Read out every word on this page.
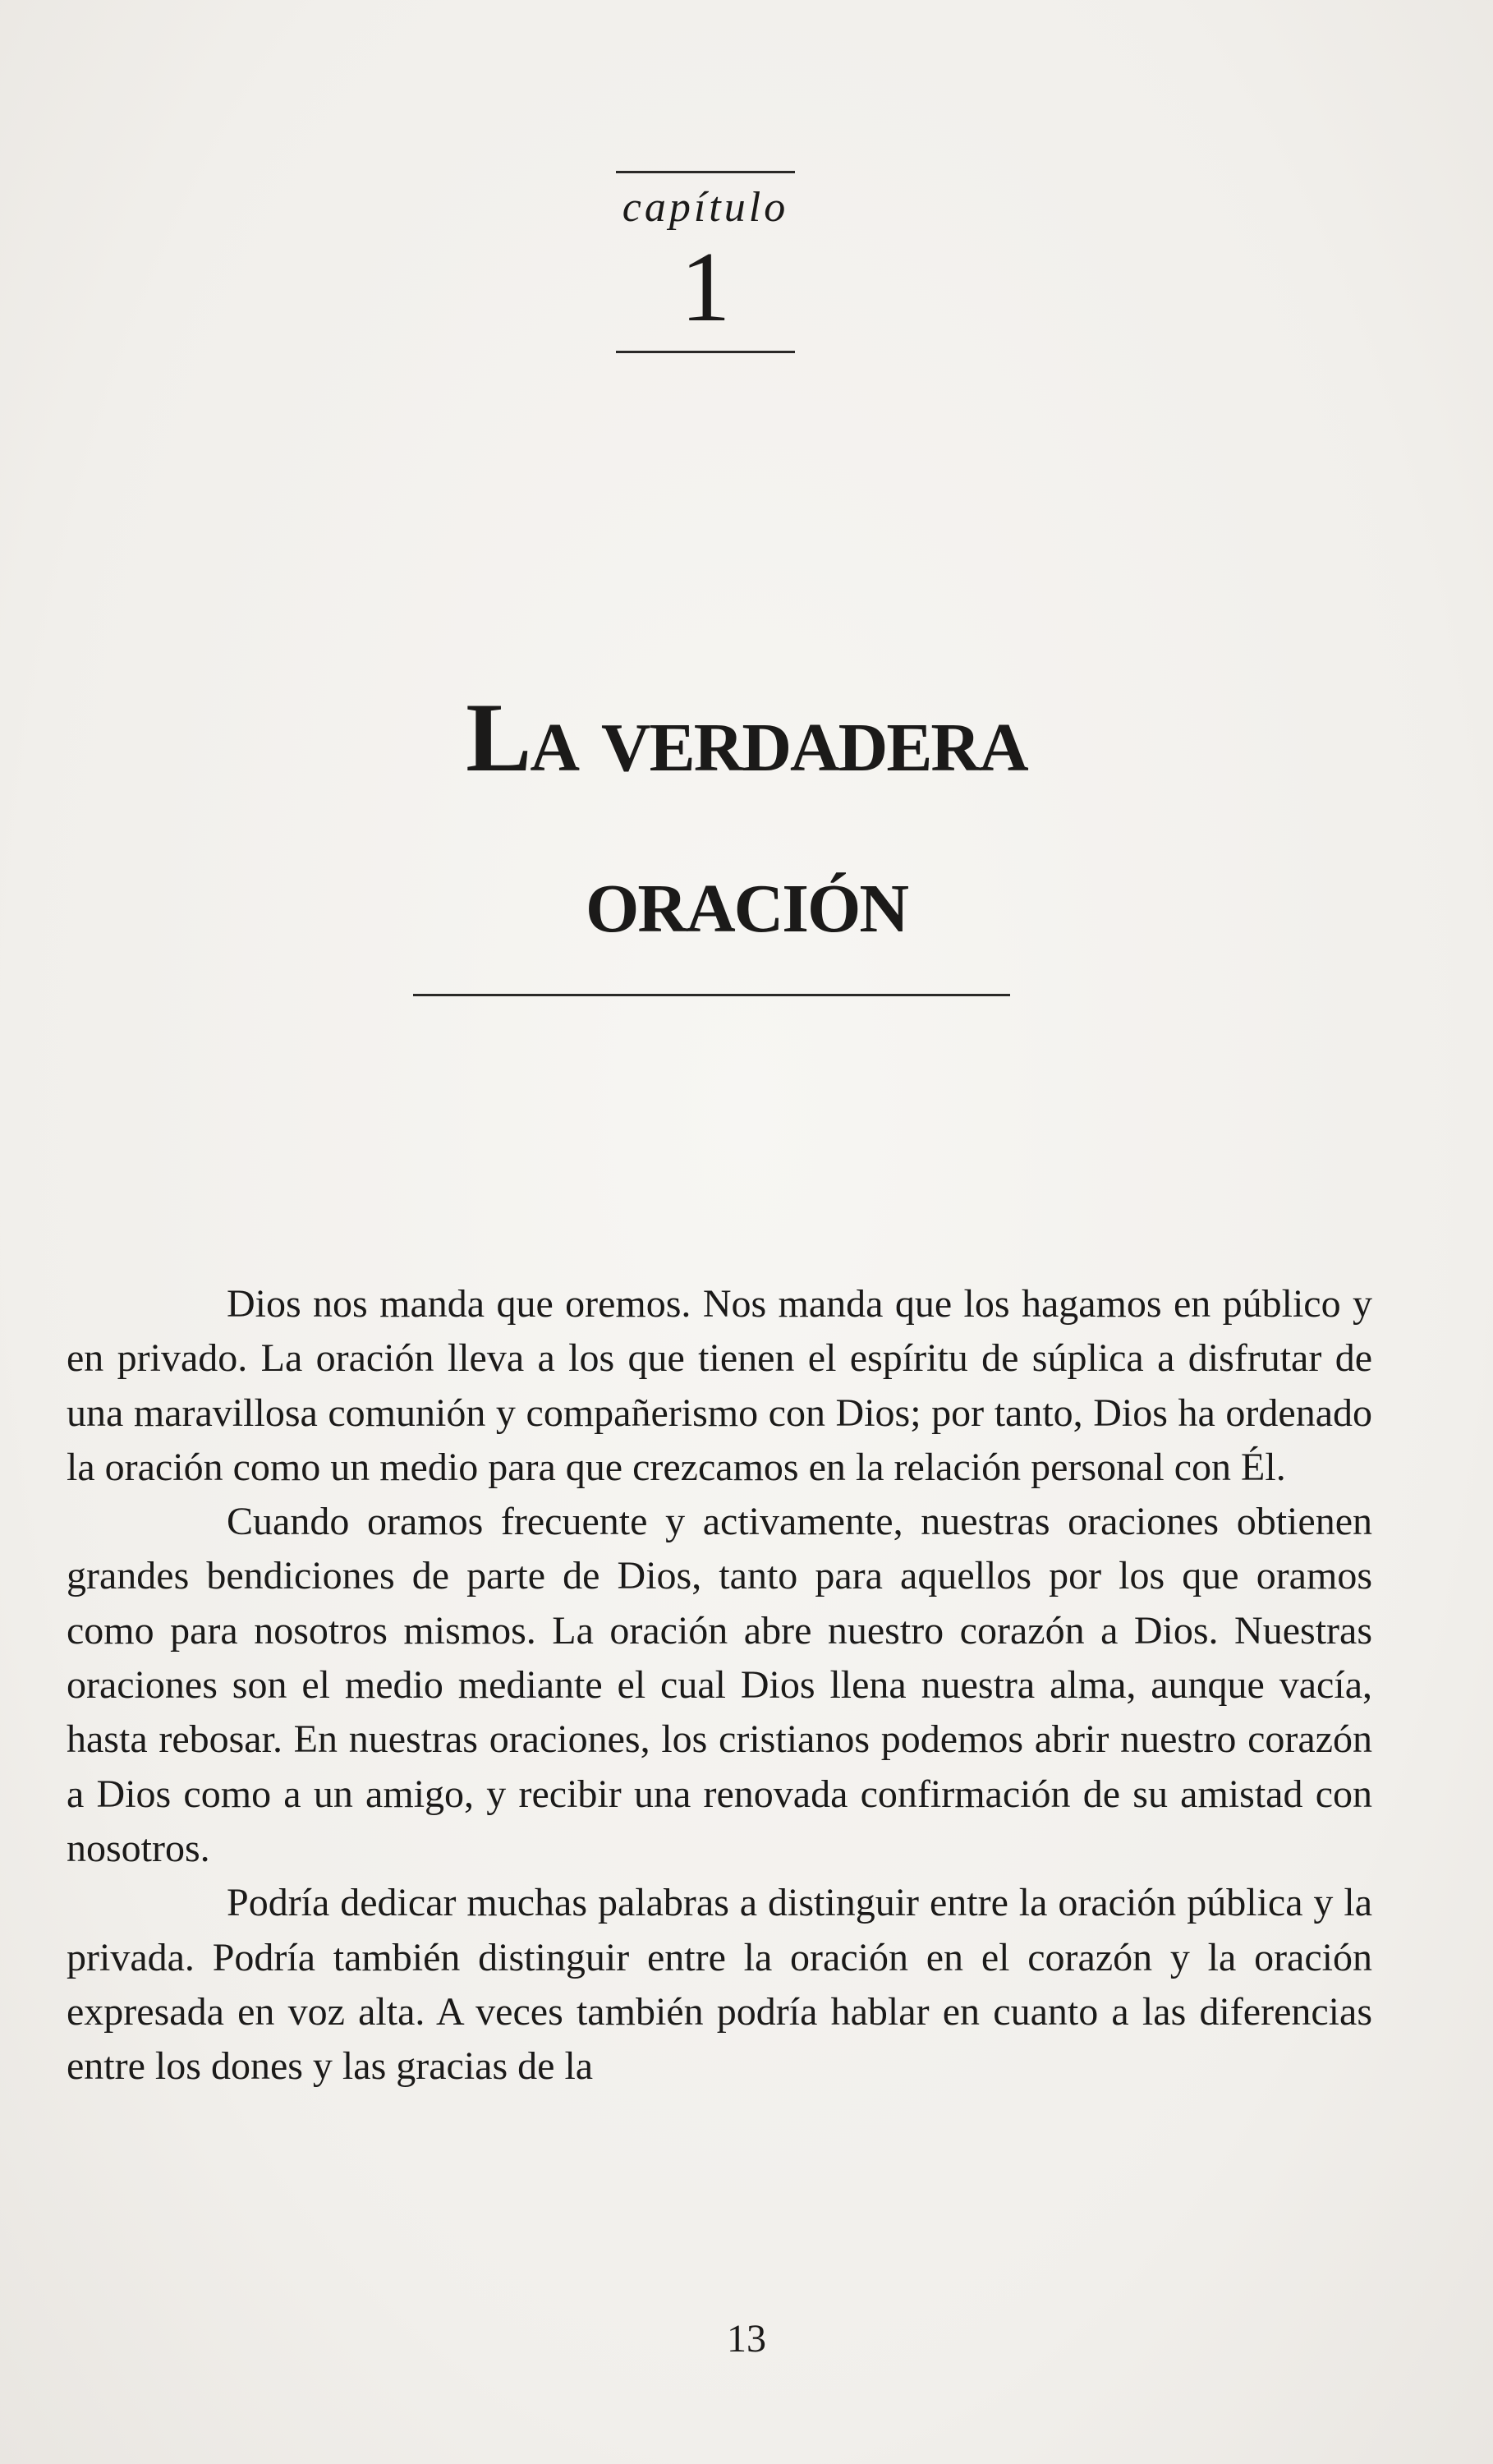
capítulo
1
La verdadera
oración

Dios nos manda que oremos. Nos manda que los hagamos en público y en privado. La oración lleva a los que tienen el espíritu de súplica a disfrutar de una maravillosa comunión y compañerismo con Dios; por tanto, Dios ha ordenado la oración como un medio para que crezcamos en la relación personal con Él.

Cuando oramos frecuente y activamente, nuestras oraciones obtienen grandes bendiciones de parte de Dios, tanto para aquellos por los que oramos como para nosotros mismos. La oración abre nuestro corazón a Dios. Nuestras oraciones son el medio mediante el cual Dios llena nuestra alma, aunque vacía, hasta rebosar. En nuestras oraciones, los cristianos podemos abrir nuestro corazón a Dios como a un amigo, y recibir una renovada confirmación de su amistad con nosotros.

Podría dedicar muchas palabras a distinguir entre la oración pública y la privada. Podría también distinguir entre la oración en el corazón y la oración expresada en voz alta. A veces también podría hablar en cuanto a las diferencias entre los dones y las gracias de la

13
